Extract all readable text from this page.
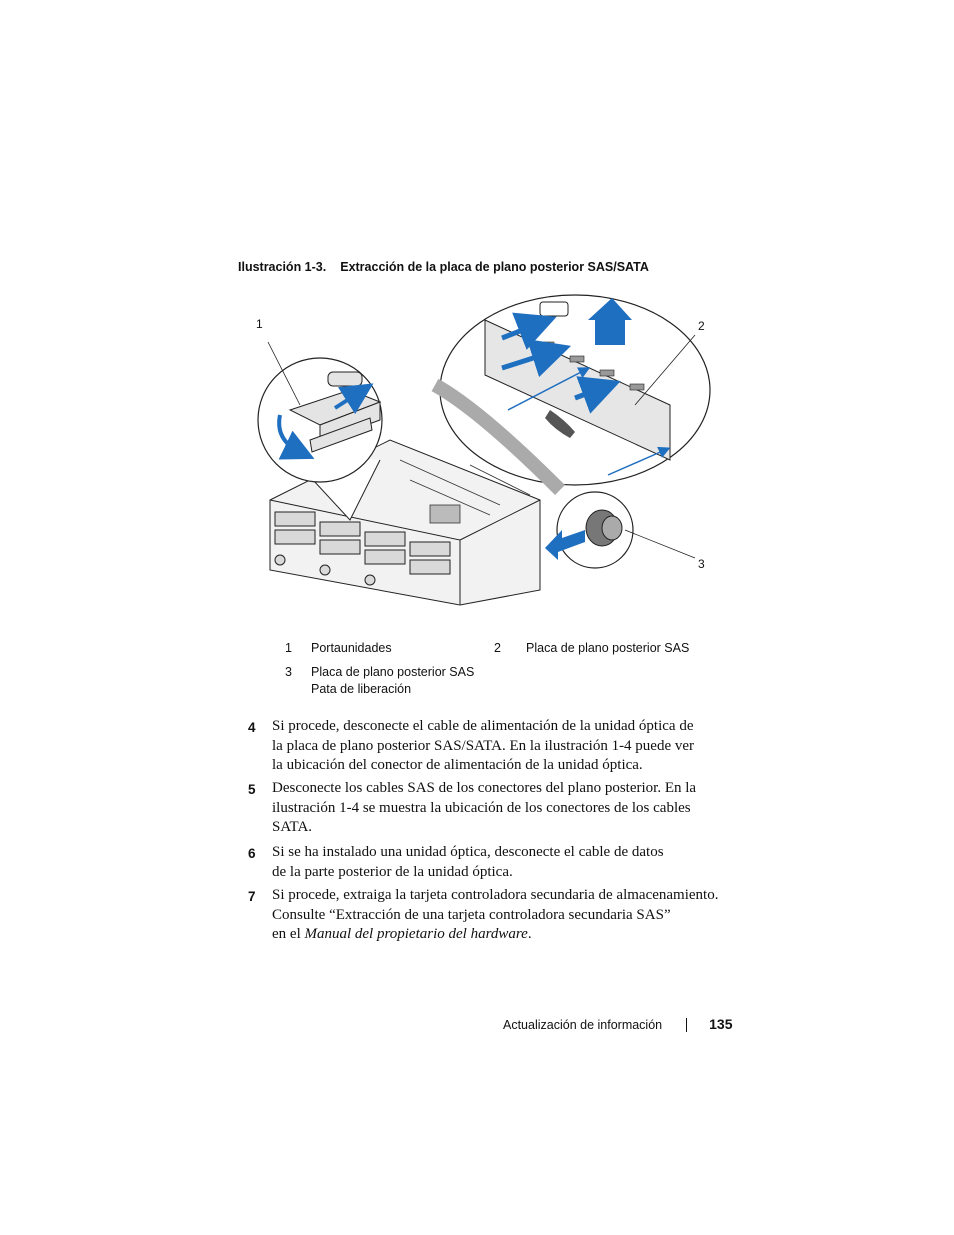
Ilustración 1-3. Extracción de la placa de plano posterior SAS/SATA
1	2
3
1 Portaunidades	2 Placa de plano posterior SAS
3 Placa de plano posterior SAS
Pata de liberación
4 Si procede, desconecte el cable de alimentación de la unidad óptica de
la placa de plano posterior SAS/SATA. En la ilustración 1-4 puede ver
la ubicación del conector de alimentación de la unidad óptica.
5 Desconecte los cables SAS de los conectores del plano posterior. En la
ilustración 1-4 se muestra la ubicación de los conectores de los cables
SATA.
6 Si se ha instalado una unidad óptica, desconecte el cable de datos
de la parte posterior de la unidad óptica.
7 Si procede, extraiga la tarjeta controladora secundaria de almacenamiento.
Consulte “Extracción de una tarjeta controladora secundaria SAS”
en el Manual del propietario del hardware.
Actualización de información	135
